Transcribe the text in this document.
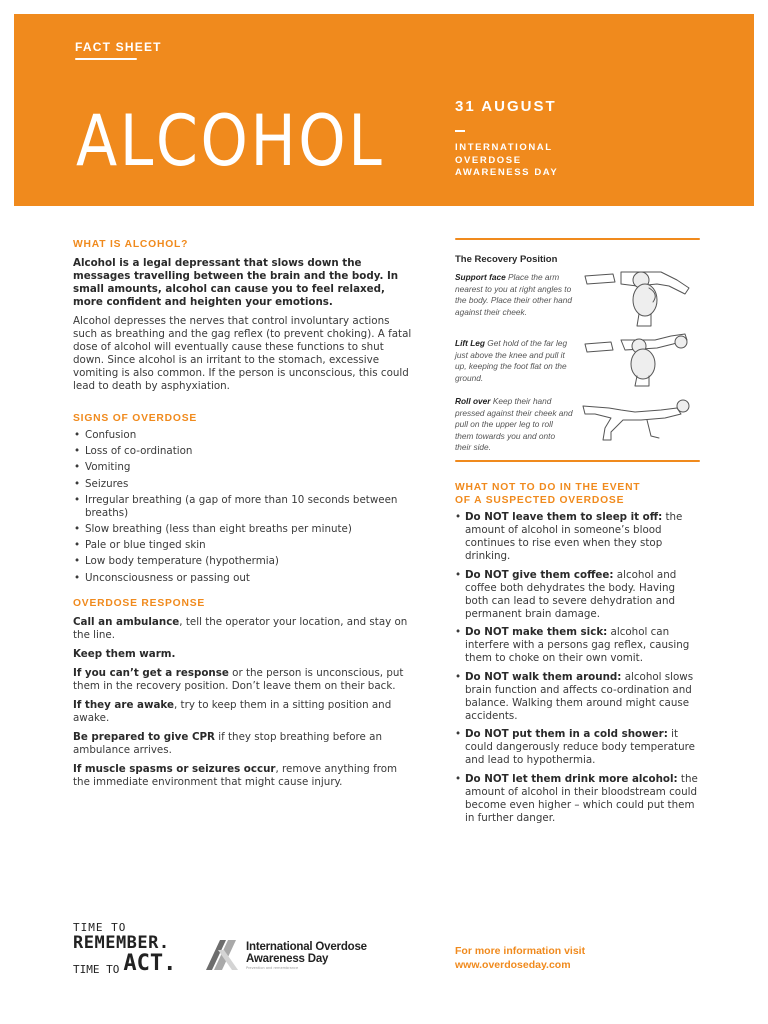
FACT SHEET
ALCOHOL	31 AUGUST
INTERNATIONAL
OVERDOSE
AWARENESS DAY
WHAT IS ALCOHOL?

Alcohol is a legal depressant that slows down the messages travelling between the brain and the body. In small amounts, alcohol can cause you to feel relaxed, more confident and heighten your emotions.

Alcohol depresses the nerves that control involuntary actions such as breathing and the gag reflex (to prevent choking). A fatal dose of alcohol will eventually cause these functions to shut down. Since alcohol is an irritant to the stomach, excessive vomiting is also common. If the person is unconscious, this could lead to death by asphyxiation.

SIGNS OF OVERDOSE
• Confusion
• Loss of co-ordination
• Vomiting
• Seizures
• Irregular breathing (a gap of more than 10 seconds between breaths)
• Slow breathing (less than eight breaths per minute)
• Pale or blue tinged skin
• Low body temperature (hypothermia)
• Unconsciousness or passing out
OVERDOSE RESPONSE

Call an ambulance, tell the operator your location, and stay on the line.

Keep them warm.

If you can’t get a response or the person is unconscious, put them in the recovery position. Don’t leave them on their back.

If they are awake, try to keep them in a sitting position and awake.

Be prepared to give CPR if they stop breathing before an ambulance arrives.

If muscle spasms or seizures occur, remove anything from the immediate environment that might cause injury.

The Recovery Position
Support face Place the arm nearest to you at right angles to the body. Place their other hand against their cheek.
Lift Leg Get hold of the far leg just above the knee and pull it up, keeping the foot flat on the ground.
Roll over Keep their hand pressed against their cheek and pull on the upper leg to roll them towards you and onto their side.
WHAT NOT TO DO IN THE EVENT
OF A SUSPECTED OVERDOSE
• Do NOT leave them to sleep it off: the amount of alcohol in someone’s blood continues to rise even when they stop drinking.
• Do NOT give them coffee: alcohol and coffee both dehydrates the body. Having both can lead to severe dehydration and permanent brain damage.
• Do NOT make them sick: alcohol can interfere with a persons gag reflex, causing them to choke on their own vomit.
• Do NOT walk them around: alcohol slows brain function and affects co-ordination and balance. Walking them around might cause accidents.
• Do NOT put them in a cold shower: it could dangerously reduce body temperature and lead to hypothermia.
• Do NOT let them drink more alcohol: the amount of alcohol in their bloodstream could become even higher – which could put them in further danger.
TIME TO
REMEMBER.
TIME TO ACT.
International Overdose
Awareness Day
Prevention and remembrance
For more information visit
www.overdoseday.com
